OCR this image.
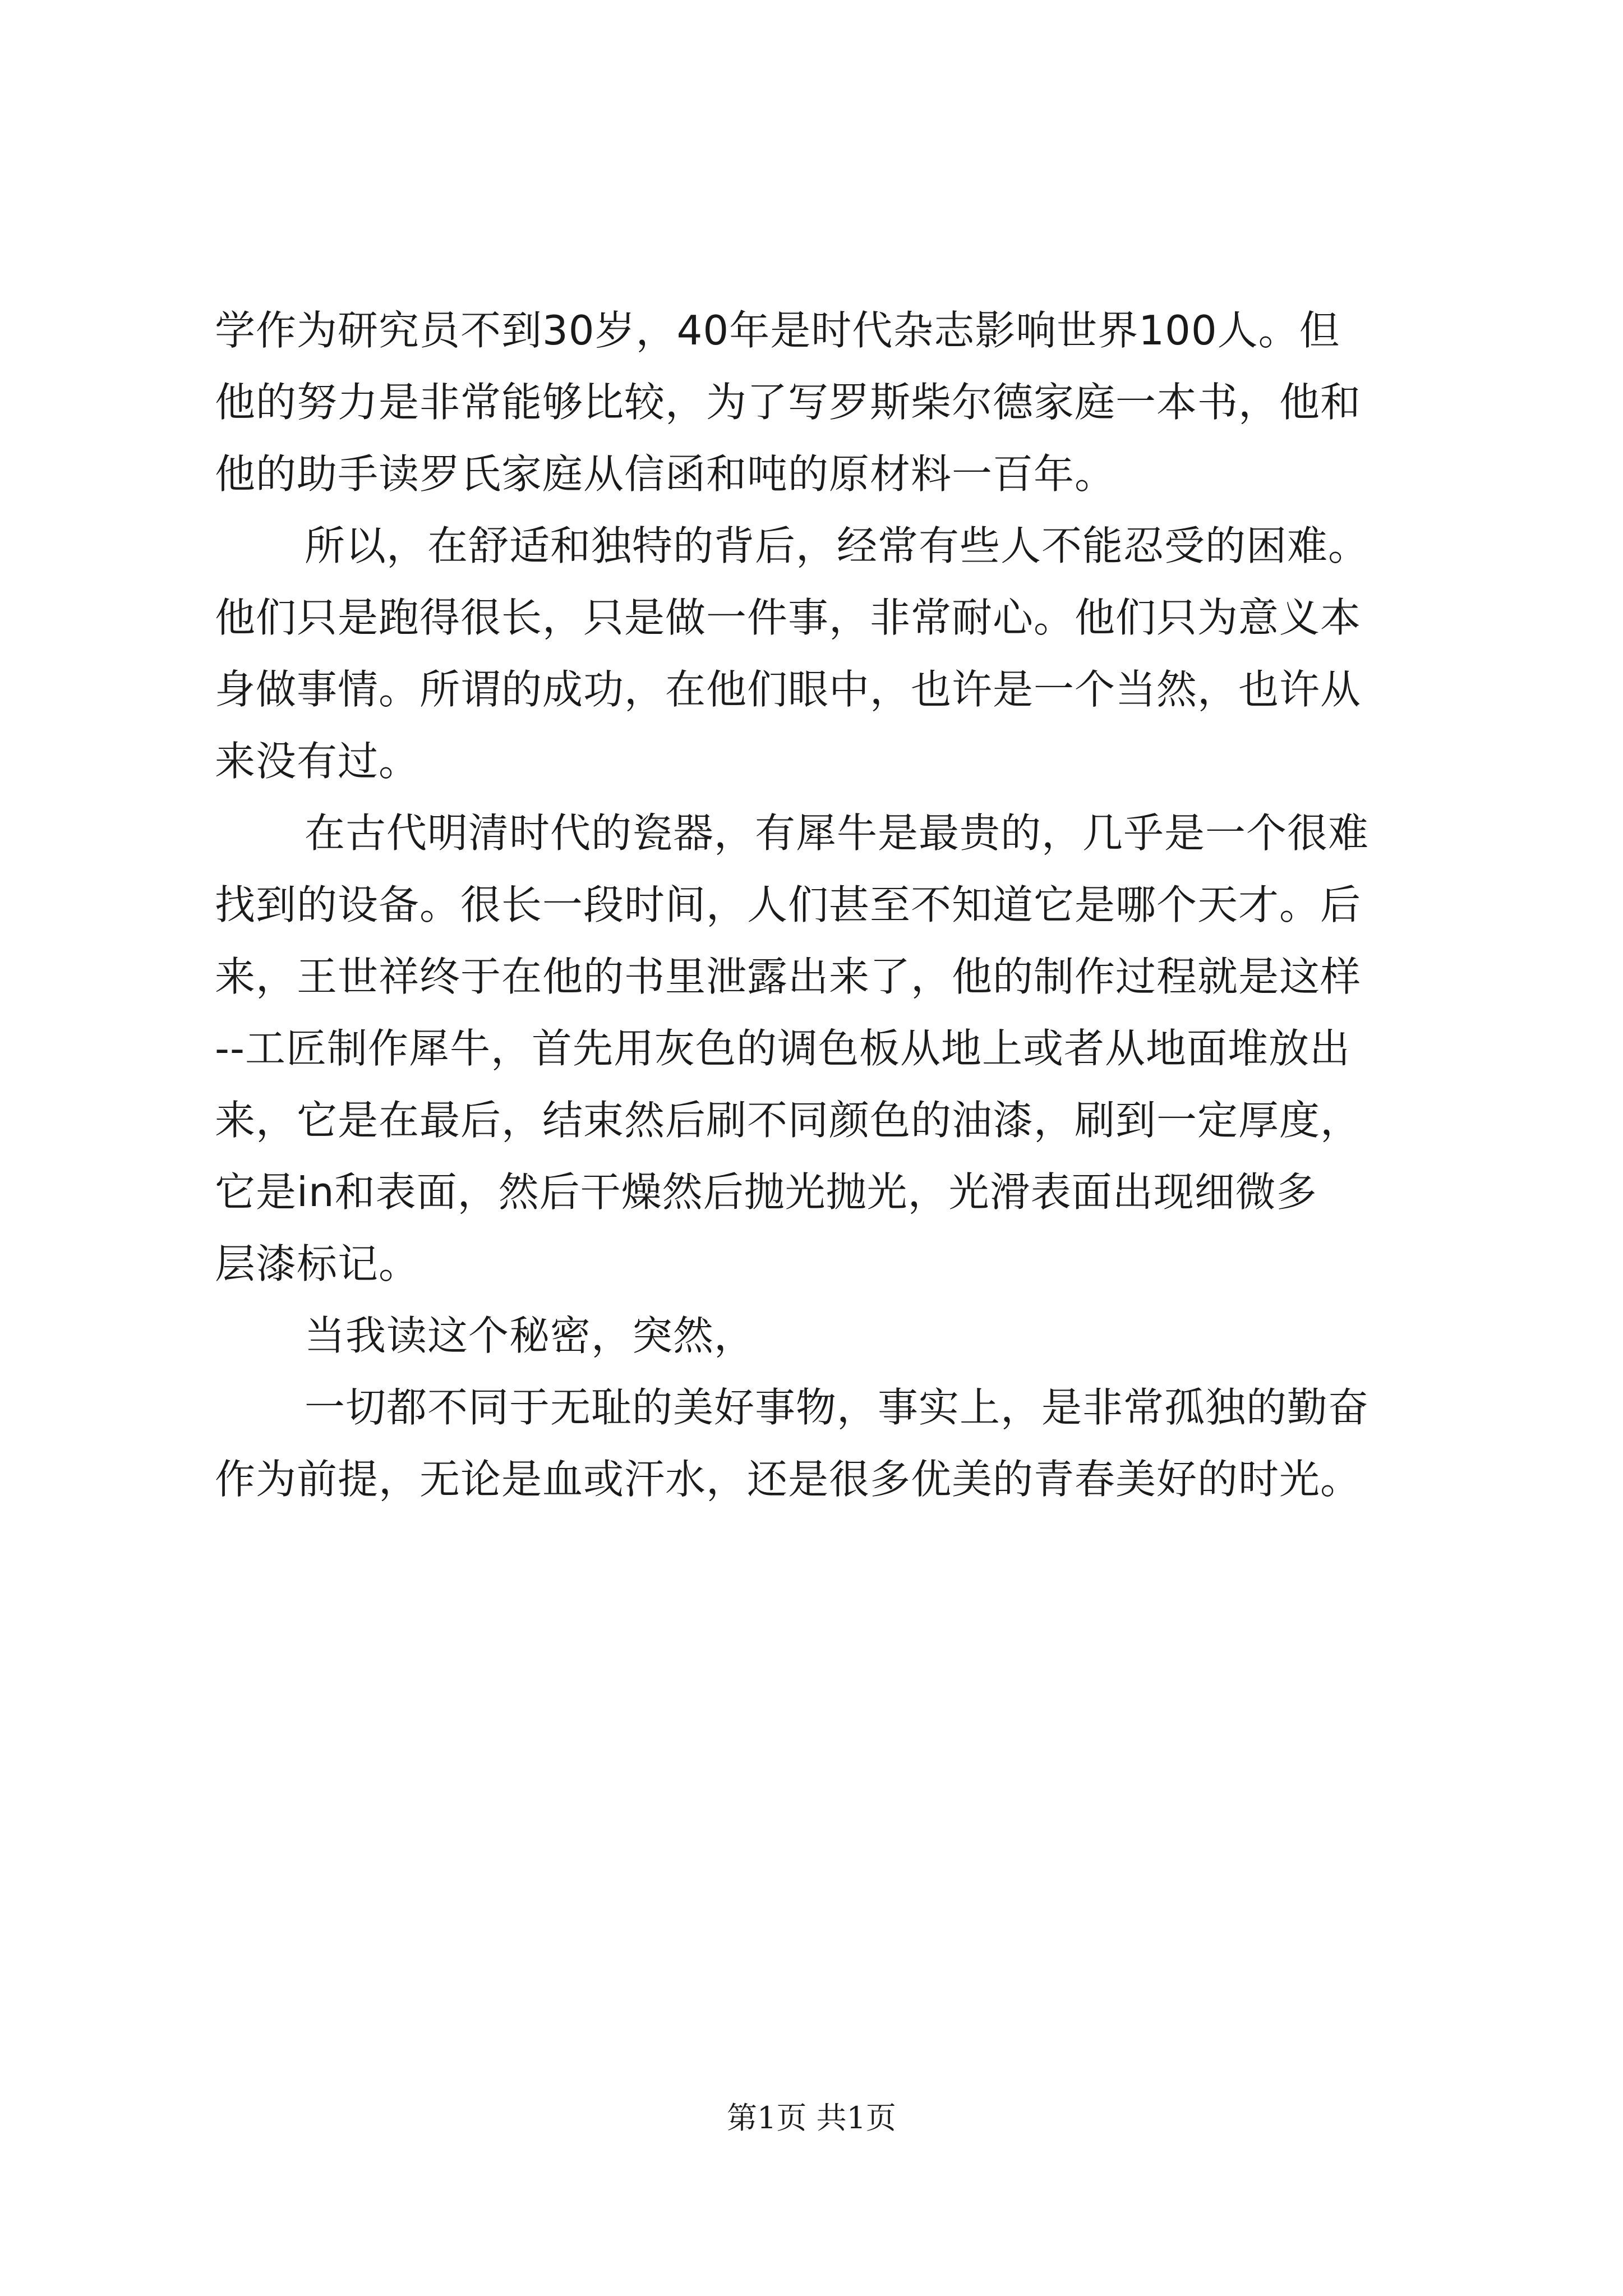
学作为研究员不到30岁，40年是时代杂志影响世界100人。但
他的努力是非常能够比较，为了写罗斯柴尔德家庭一本书，他和
他的助手读罗氏家庭从信函和吨的原材料一百年。
所以，在舒适和独特的背后，经常有些人不能忍受的困难。
他们只是跑得很长，只是做一件事，非常耐心。他们只为意义本
身做事情。所谓的成功，在他们眼中，也许是一个当然，也许从
来没有过。
在古代明清时代的瓷器，有犀牛是最贵的，几乎是一个很难
找到的设备。很长一段时间，人们甚至不知道它是哪个天才。后
来，王世祥终于在他的书里泄露出来了，他的制作过程就是这样
--工匠制作犀牛，首先用灰色的调色板从地上或者从地面堆放出
来，它是在最后，结束然后刷不同颜色的油漆，刷到一定厚度，
它是in和表面，然后干燥然后抛光抛光，光滑表面出现细微多
层漆标记。
当我读这个秘密，突然，
一切都不同于无耻的美好事物，事实上，是非常孤独的勤奋
作为前提，无论是血或汗水，还是很多优美的青春美好的时光。
第1页 共1页
